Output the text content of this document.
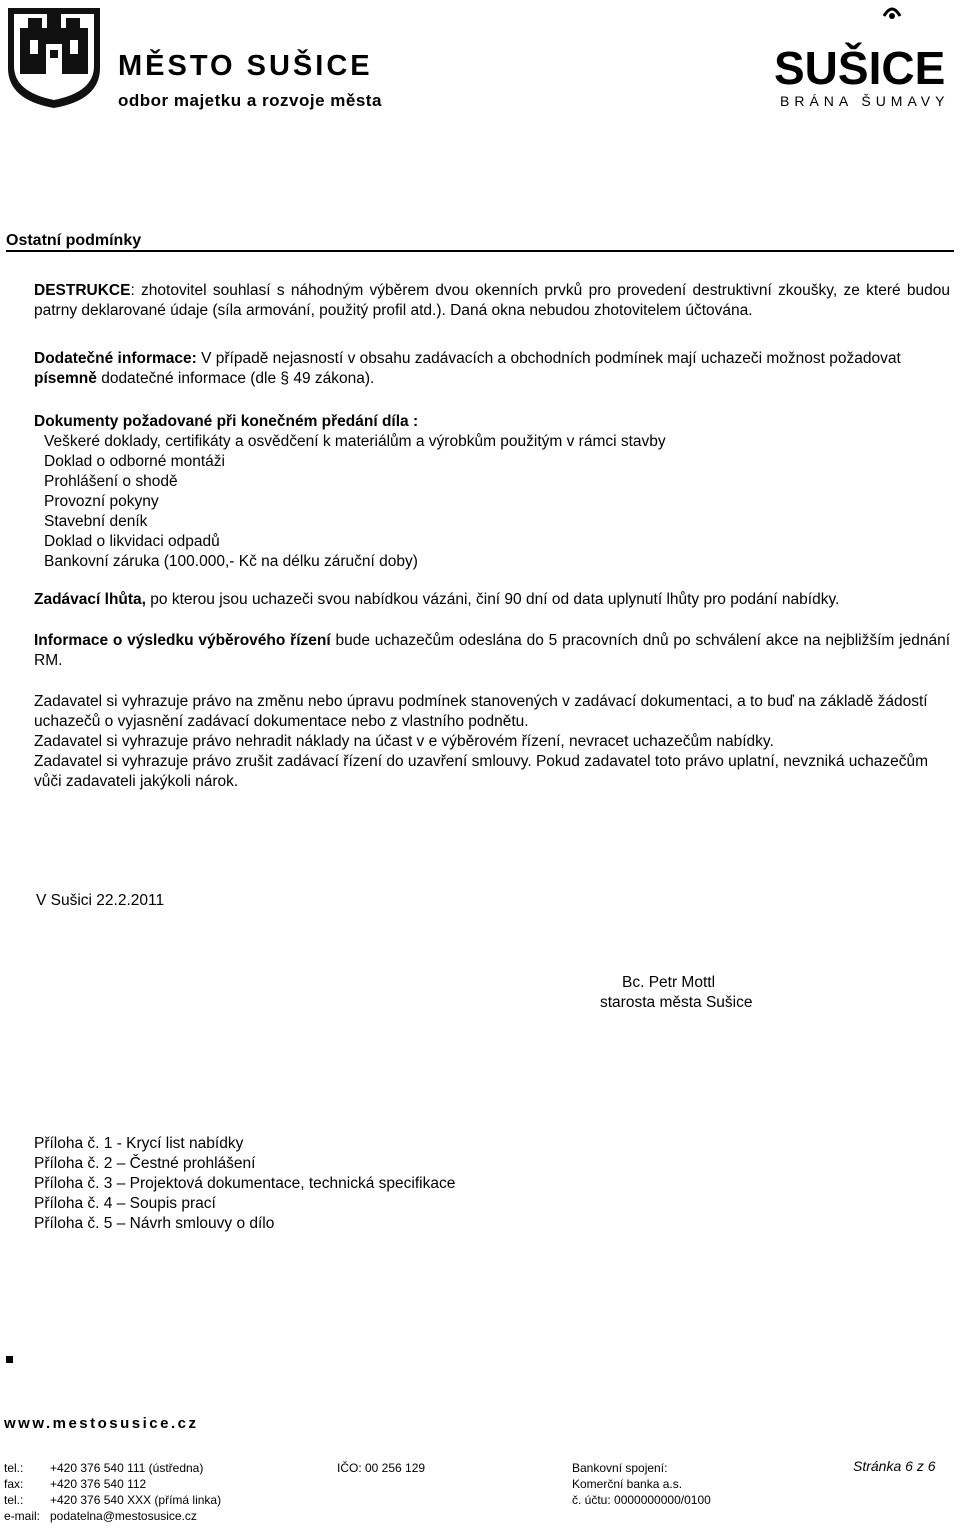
MĚSTO SUŠICE
odbor majetku a rozvoje města
SUŠICE
BRÁNA ŠUMAVY
Ostatní podmínky
DESTRUKCE: zhotovitel souhlasí s náhodným výběrem dvou okenních prvků pro provedení destruktivní zkoušky, ze které budou patrny deklarované údaje (síla armování, použitý profil atd.). Daná okna nebudou zhotovitelem účtována.
Dodatečné informace: V případě nejasností v obsahu zadávacích a obchodních podmínek mají uchazeči možnost požadovat písemně dodatečné informace (dle § 49 zákona).
Dokumenty požadované při konečném předání díla :
Veškeré doklady, certifikáty a osvědčení k materiálům a výrobkům použitým v rámci stavby
Doklad o odborné montáži
Prohlášení o shodě
Provozní pokyny
Stavební deník
Doklad o likvidaci odpadů
Bankovní záruka (100.000,- Kč na délku záruční doby)
Zadávací lhůta, po kterou jsou uchazeči svou nabídkou vázáni, činí 90 dní od data uplynutí lhůty pro podání nabídky.
Informace o výsledku výběrového řízení bude uchazečům odeslána do 5 pracovních dnů po schválení akce na nejbližším jednání RM.
Zadavatel si vyhrazuje právo na změnu nebo úpravu podmínek stanovených v zadávací dokumentaci, a to buď na základě žádostí uchazečů o vyjasnění zadávací dokumentace nebo z vlastního podnětu.
Zadavatel si vyhrazuje právo nehradit náklady na účast v e výběrovém řízení, nevracet uchazečům nabídky.
Zadavatel si vyhrazuje právo zrušit zadávací řízení do uzavření smlouvy. Pokud zadavatel toto právo uplatní, nevzniká uchazečům vůči zadavateli jakýkoli nárok.
V Sušici 22.2.2011
Bc. Petr Mottl
starosta města Sušice
Příloha č. 1 - Krycí list nabídky
Příloha č. 2 – Čestné prohlášení
Příloha č. 3 – Projektová dokumentace, technická specifikace
Příloha č. 4 – Soupis prací
Příloha č. 5 – Návrh smlouvy o dílo
www.mestosusice.cz
tel.: +420 376 540 111 (ústředna)
fax: +420 376 540 112
tel.: +420 376 540 XXX (přímá linka)
e-mail: podatelna@mestosusice.cz
IČO: 00 256 129	Bankovní spojení:
Komerční banka a.s.
č. účtu: 0000000000/0100
Stránka 6 z 6
